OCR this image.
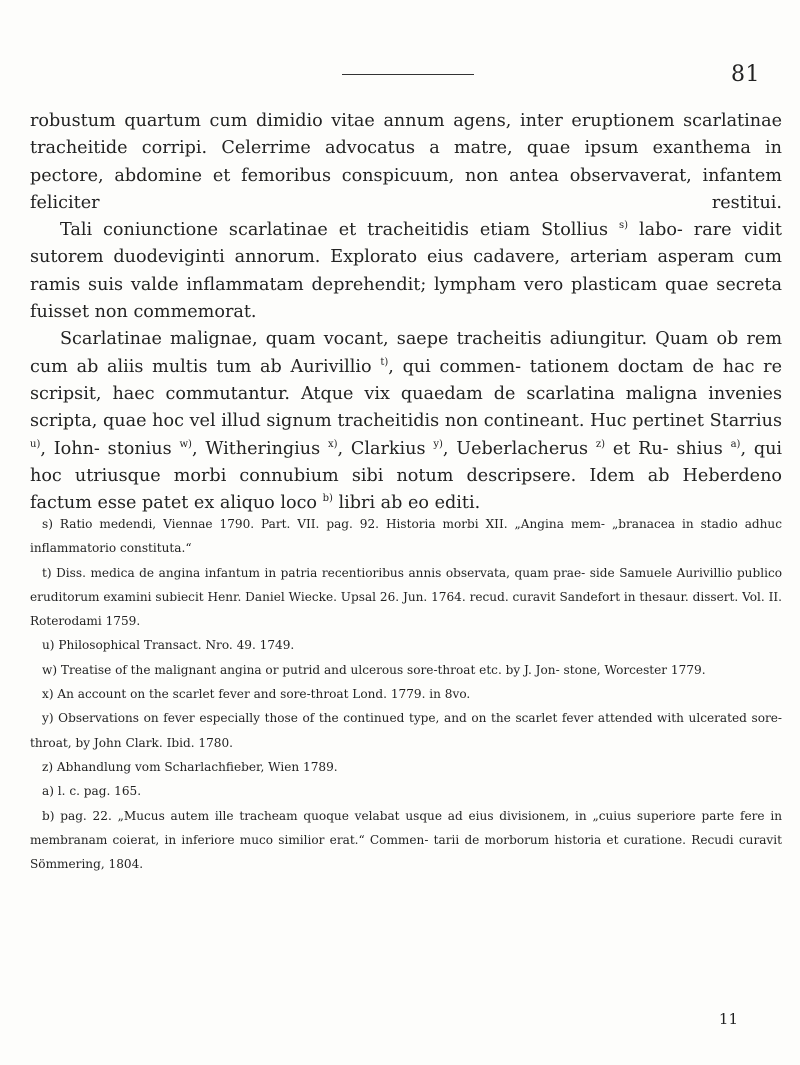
81

robustum quartum cum dimidio vitae annum agens, inter eruptionem scarlatinae tracheitide corripi. Celerrime advocatus a matre, quae ipsum exanthema in pectore, abdomine et femoribus conspicuum, non antea observaverat, infantem feliciter restitui.

Tali coniunctione scarlatinae et tracheitidis etiam Stollius $^{s)}$ labo- rare vidit sutorem duodeviginti annorum. Explorato eius cadavere, arteriam asperam cum ramis suis valde inflammatam deprehendit; lympham vero plasticam quae secreta fuisset non commemorat.

Scarlatinae malignae, quam vocant, saepe tracheitis adiungitur. Quam ob rem cum ab aliis multis tum ab Aurivillio $^{t)}$, qui commen- tationem doctam de hac re scripsit, haec commutantur. Atque vix quaedam de scarlatina maligna invenies scripta, quae hoc vel illud signum tracheitidis non contineant. Huc pertinet Starrius $^{u)}$, Iohn- stonius $^{w)}$, Witheringius $^{x)}$, Clarkius $^{y)}$, Ueberlacherus $^{z)}$ et Ru- shius $^{a)}$, qui hoc utriusque morbi connubium sibi notum descripsere. Idem ab Heberdeno factum esse patet ex aliquo loco $^{b)}$ libri ab eo editi.

s) Ratio medendi, Viennae 1790. Part. VII. pag. 92. Historia morbi XII. „Angina mem- „branacea in stadio adhuc inflammatorio constituta.“

t) Diss. medica de angina infantum in patria recentioribus annis observata, quam prae- side Samuele Aurivillio publico eruditorum examini subiecit Henr. Daniel Wiecke. Upsal 26. Jun. 1764. recud. curavit Sandefort in thesaur. dissert. Vol. II. Roterodami 1759.

u) Philosophical Transact. Nro. 49. 1749.

w) Treatise of the malignant angina or putrid and ulcerous sore-throat etc. by J. Jon- stone, Worcester 1779.

x) An account on the scarlet fever and sore-throat Lond. 1779. in 8vo.

y) Observations on fever especially those of the continued type, and on the scarlet fever attended with ulcerated sore-throat, by John Clark. Ibid. 1780.

z) Abhandlung vom Scharlachfieber, Wien 1789.

a) l. c. pag. 165.

b) pag. 22. „Mucus autem ille tracheam quoque velabat usque ad eius divisionem, in „cuius superiore parte fere in membranam coierat, in inferiore muco similior erat.“ Commen- tarii de morborum historia et curatione. Recudi curavit Sömmering, 1804.

11
